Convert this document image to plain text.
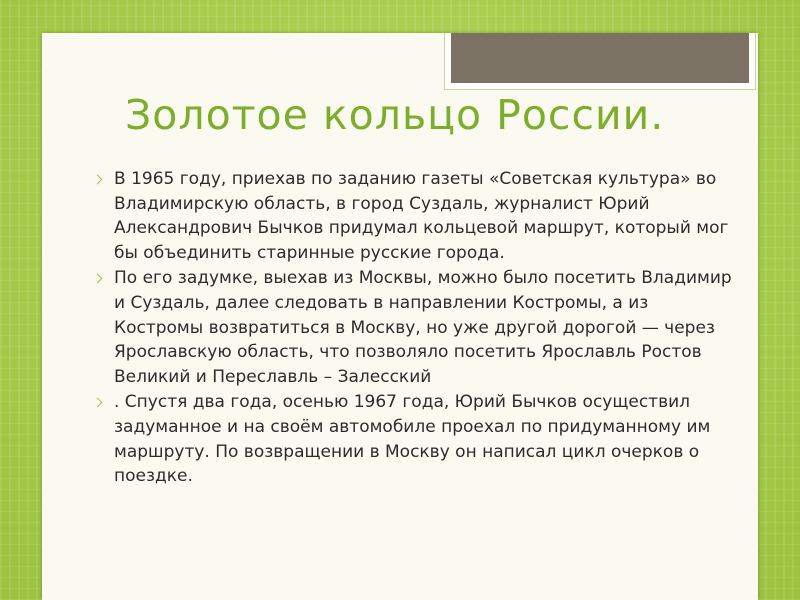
Золотое кольцо России.
В 1965 году, приехав по заданию газеты «Советская культура» во Владимирскую область, в город Суздаль, журналист Юрий Александрович Бычков придумал кольцевой маршрут, который мог бы объединить старинные русские города.
По его задумке, выехав из Москвы, можно было посетить Владимир и Суздаль, далее следовать в направлении Костромы, а из Костромы возвратиться в Москву, но уже другой дорогой — через Ярославскую область, что позволяло посетить Ярославль Ростов Великий и Переславль – Залесский
. Спустя два года, осенью 1967 года, Юрий Бычков осуществил задуманное и на своём автомобиле проехал по придуманному им маршруту. По возвращении в Москву он написал цикл очерков о поездке.
